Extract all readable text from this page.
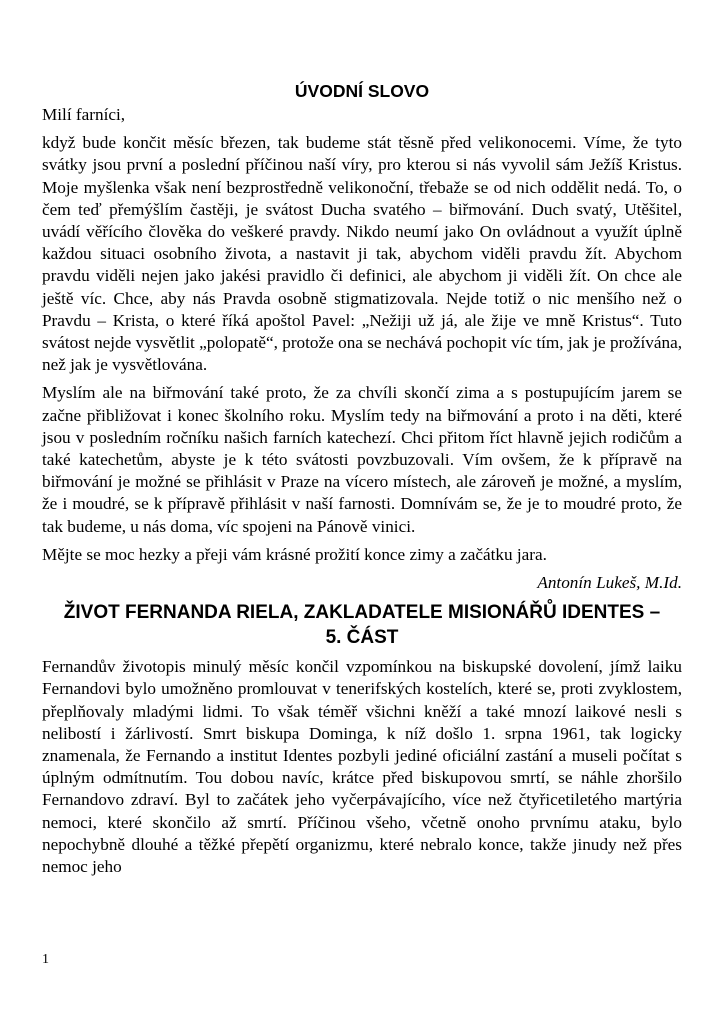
ÚVODNÍ SLOVO
Milí farníci,

když bude končit měsíc březen, tak budeme stát těsně před velikonocemi. Víme, že tyto svátky jsou první a poslední příčinou naší víry, pro kterou si nás vyvolil sám Ježíš Kristus. Moje myšlenka však není bezprostředně velikonoční, třebaže se od nich oddělit nedá. To, o čem teď přemýšlím častěji, je svátost Ducha svatého – biřmování. Duch svatý, Utěšitel, uvádí věřícího člověka do veškeré pravdy. Nikdo neumí jako On ovládnout a využít úplně každou situaci osobního života, a nastavit ji tak, abychom viděli pravdu žít. Abychom pravdu viděli nejen jako jakési pravidlo či definici, ale abychom ji viděli žít. On chce ale ještě víc. Chce, aby nás Pravda osobně stigmatizovala. Nejde totiž o nic menšího než o Pravdu – Krista, o které říká apoštol Pavel: „Nežiji už já, ale žije ve mně Kristus“. Tuto svátost nejde vysvětlit „polopatě“, protože ona se nechává pochopit víc tím, jak je prožívána, než jak je vysvětlována.

Myslím ale na biřmování také proto, že za chvíli skončí zima a s postupujícím jarem se začne přibližovat i konec školního roku. Myslím tedy na biřmování a proto i na děti, které jsou v posledním ročníku našich farních katechezí. Chci přitom říct hlavně jejich rodičům a také katechetům, abyste je k této svátosti povzbuzovali. Vím ovšem, že k přípravě na biřmování je možné se přihlásit v Praze na vícero místech, ale zároveň je možné, a myslím, že i moudré, se k přípravě přihlásit v naší farnosti. Domnívám se, že je to moudré proto, že tak budeme, u nás doma, víc spojeni na Pánově vinici.

Mějte se moc hezky a přeji vám krásné prožití konce zimy a začátku jara.

Antonín Lukeš, M.Id.
ŽIVOT FERNANDA RIELA, ZAKLADATELE MISIONÁŘŮ IDENTES –
5. ČÁST

Fernandův životopis minulý měsíc končil vzpomínkou na biskupské dovolení, jímž laiku Fernandovi bylo umožněno promlouvat v tenerifských kostelích, které se, proti zvyklostem, přeplňovaly mladými lidmi. To však téměř všichni kněží a také mnozí laikové nesli s nelibostí i žárlivostí. Smrt biskupa Dominga, k níž došlo 1. srpna 1961, tak logicky znamenala, že Fernando a institut Identes pozbyli jediné oficiální zastání a museli počítat s úplným odmítnutím. Tou dobou navíc, krátce před biskupovou smrtí, se náhle zhoršilo Fernandovo zdraví. Byl to začátek jeho vyčerpávajícího, více než čtyřicetiletého martýria nemoci, které skončilo až smrtí. Příčinou všeho, včetně onoho prvnímu ataku, bylo nepochybně dlouhé a těžké přepětí organizmu, které nebralo konce, takže jinudy než přes nemoc jeho

1
